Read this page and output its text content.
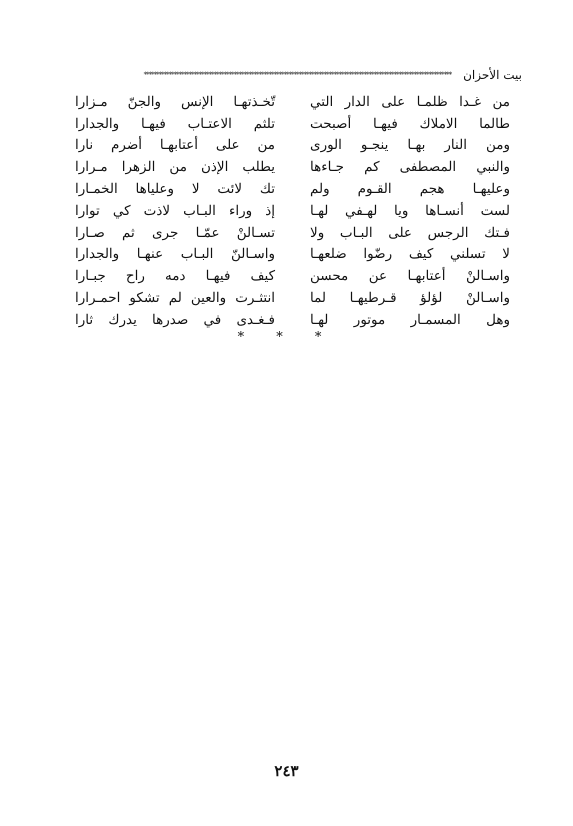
بيت الأحزان
***
************************************************************************************************************************
من غـدا ظلمـا على الدار التي
تّخـذتهـا الإنس والجنّ مـزارا
طالما الاملاك فيهـا أصبحت
تلثم الاعتـاب فيهـا والجدارا
ومن النار بهـا ينجـو الورى
من على أعتابهـا أضرم نارا
والنبي المصطفى كم جـاءها
يطلب الإذن من الزهرا مـرارا
وعليهـا هجم القـوم ولم
تك لائت لا وعلياها الخمـارا
لست أنسـاها ويا لهـفي لهـا
إذ وراء البـاب لاذت كي توارا
فـتك الرجس على البـاب ولا
تسـالنْ عمّـا جرى ثم صـارا
لا تسلني كيف رضّوا ضلعهـا
واسـالنّ البـاب عنهـا والجدارا
واسـالنْ أعتابهـا عن محسن
كيف فيهـا دمه راح جبـارا
واسـالنْ لؤلؤ قـرطيهـا لما
انتثـرت والعين لم تشكو احمـرارا
وهل المسمـار موتور لهـا
فـغـدى في صدرها يدرك ثارا
* * *
٢٤٣
